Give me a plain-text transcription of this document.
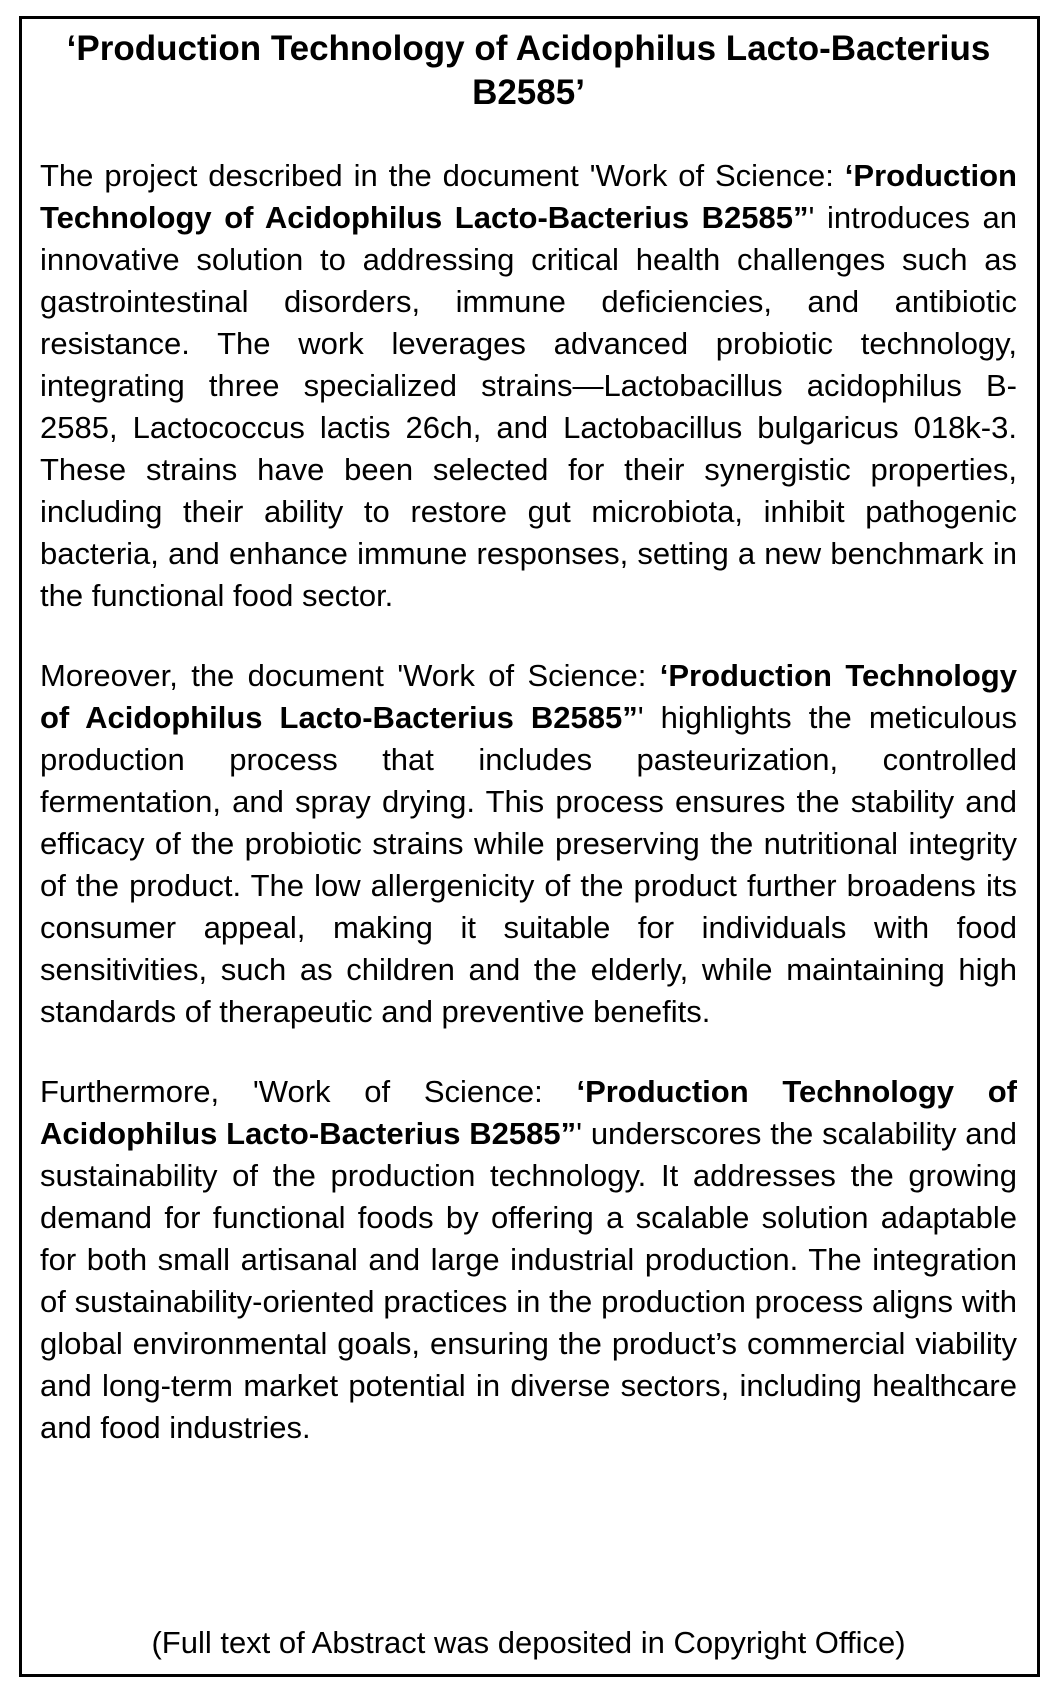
‘Production Technology of Acidophilus Lacto-Bacterius
B2585’

The project described in the document 'Work of Science: ‘Production Technology of Acidophilus Lacto-Bacterius B2585”' introduces an innovative solution to addressing critical health challenges such as gastrointestinal disorders, immune deficiencies, and antibiotic resistance. The work leverages advanced probiotic technology, integrating three specialized strains—Lactobacillus acidophilus B-2585, Lactococcus lactis 26ch, and Lactobacillus bulgaricus 018k-3. These strains have been selected for their synergistic properties, including their ability to restore gut microbiota, inhibit pathogenic bacteria, and enhance immune responses, setting a new benchmark in the functional food sector.

Moreover, the document 'Work of Science: ‘Production Technology of Acidophilus Lacto-Bacterius B2585”' highlights the meticulous production process that includes pasteurization, controlled fermentation, and spray drying. This process ensures the stability and efficacy of the probiotic strains while preserving the nutritional integrity of the product. The low allergenicity of the product further broadens its consumer appeal, making it suitable for individuals with food sensitivities, such as children and the elderly, while maintaining high standards of therapeutic and preventive benefits.

Furthermore, 'Work of Science: ‘Production Technology of Acidophilus Lacto-Bacterius B2585”' underscores the scalability and sustainability of the production technology. It addresses the growing demand for functional foods by offering a scalable solution adaptable for both small artisanal and large industrial production. The integration of sustainability-oriented practices in the production process aligns with global environmental goals, ensuring the product’s commercial viability and long-term market potential in diverse sectors, including healthcare and food industries.

(Full text of Abstract was deposited in Copyright Office)
